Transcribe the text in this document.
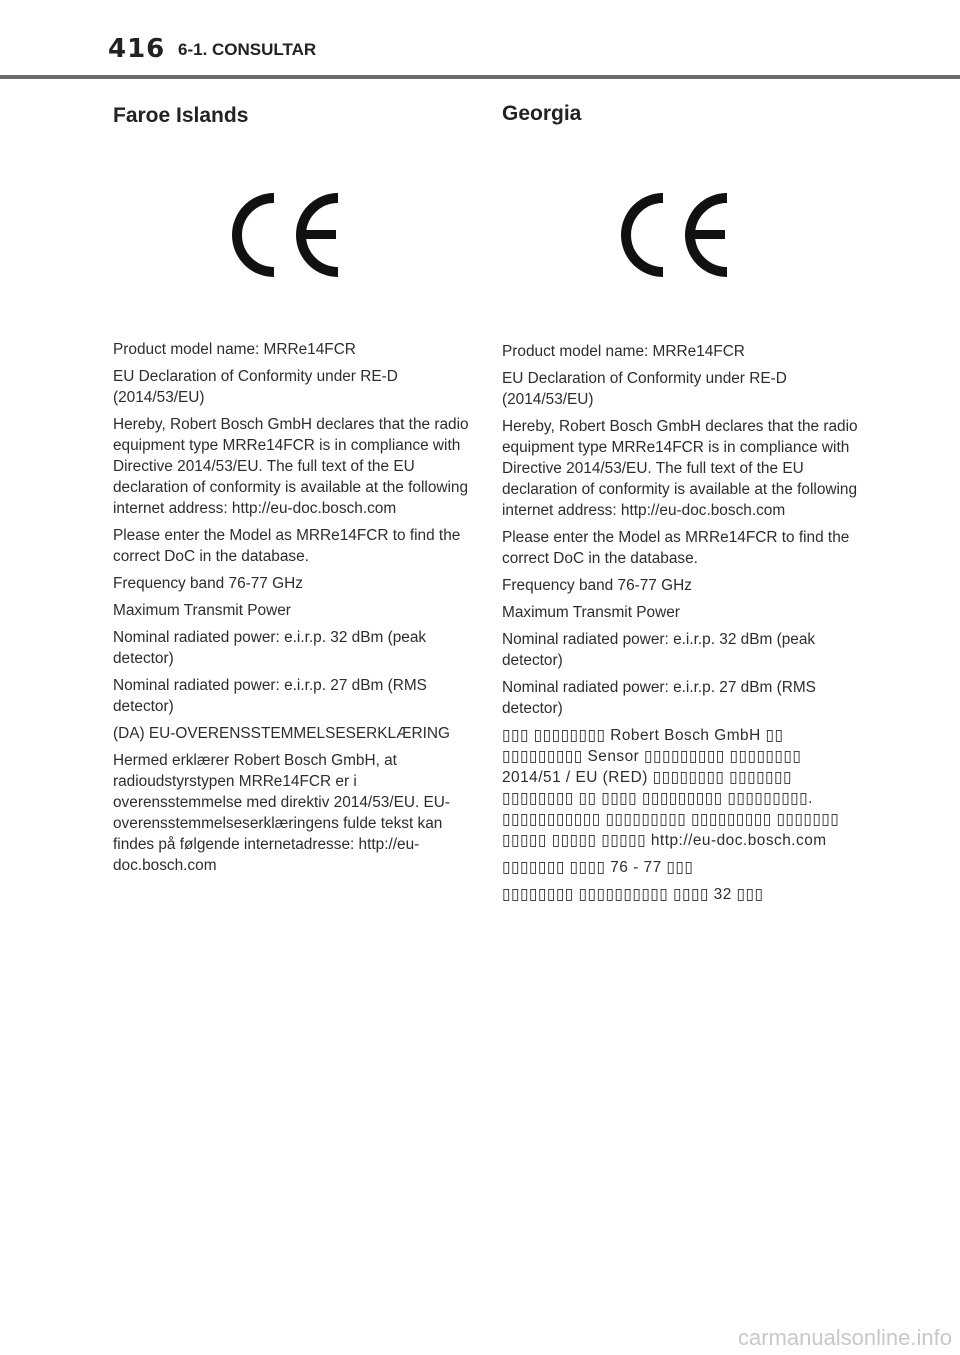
416 6-1. CONSULTAR
Faroe Islands

Product model name: MRRe14FCR

EU Declaration of Conformity under RE-D (2014/53/EU)

Hereby, Robert Bosch GmbH declares that the radio equipment type MRRe14FCR is in compliance with Directive 2014/53/EU. The full text of the EU declaration of conformity is available at the following internet address: http://eu-doc.bosch.com

Please enter the Model as MRRe14FCR to find the correct DoC in the database.

Frequency band 76-77 GHz

Maximum Transmit Power

Nominal radiated power: e.i.r.p. 32 dBm (peak detector)

Nominal radiated power: e.i.r.p. 27 dBm (RMS detector)

(DA) EU-OVERENSSTEMMELSESERKLÆRING

Hermed erklærer Robert Bosch GmbH, at radioudstyrstypen MRRe14FCR er i overensstemmelse med direktiv 2014/53/EU. EU-overensstemmelseserklæringens fulde tekst kan findes på følgende internetadresse: http://eu-doc.bosch.com

Georgia

Product model name: MRRe14FCR

EU Declaration of Conformity under RE-D (2014/53/EU)

Hereby, Robert Bosch GmbH declares that the radio equipment type MRRe14FCR is in compliance with Directive 2014/53/EU. The full text of the EU declaration of conformity is available at the following internet address: http://eu-doc.bosch.com

Please enter the Model as MRRe14FCR to find the correct DoC in the database.

Frequency band 76-77 GHz

Maximum Transmit Power

Nominal radiated power: e.i.r.p. 32 dBm (peak detector)

Nominal radiated power: e.i.r.p. 27 dBm (RMS detector)

▯▯▯ ▯▯▯▯▯▯▯▯ Robert Bosch GmbH ▯▯ ▯▯▯▯▯▯▯▯▯ Sensor ▯▯▯▯▯▯▯▯▯ ▯▯▯▯▯▯▯▯ 2014/51 / EU (RED) ▯▯▯▯▯▯▯▯ ▯▯▯▯▯▯▯ ▯▯▯▯▯▯▯▯ ▯▯ ▯▯▯▯ ▯▯▯▯▯▯▯▯▯ ▯▯▯▯▯▯▯▯▯. ▯▯▯▯▯▯▯▯▯▯▯ ▯▯▯▯▯▯▯▯▯ ▯▯▯▯▯▯▯▯▯ ▯▯▯▯▯▯▯ ▯▯▯▯▯ ▯▯▯▯▯ ▯▯▯▯▯ http://eu-doc.bosch.com

▯▯▯▯▯▯▯ ▯▯▯▯ 76 - 77 ▯▯▯

▯▯▯▯▯▯▯▯ ▯▯▯▯▯▯▯▯▯▯ ▯▯▯▯ 32 ▯▯▯

carmanualsonline.info
